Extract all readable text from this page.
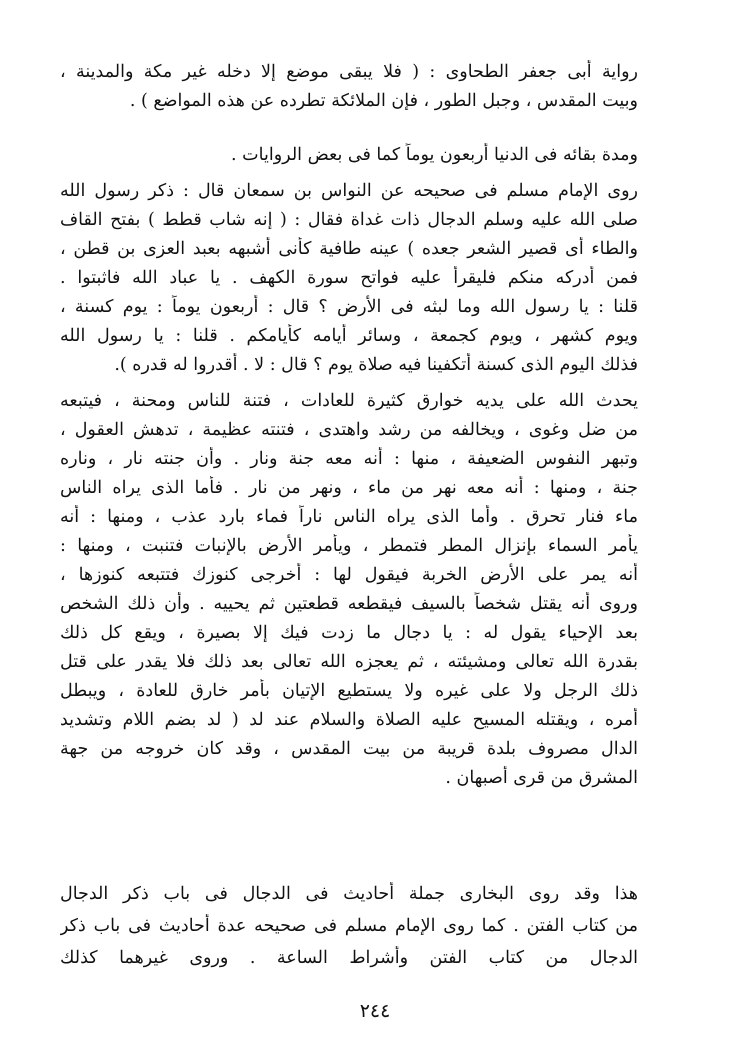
رواية أبى جعفر الطحاوى : ( فلا يبقى موضع إلا دخله غير مكة والمدينة ،
وبيت المقدس ، وجبل الطور ، فإن الملائكة تطرده عن هذه المواضع ) .
ومدة بقائه فى الدنيا أربعون يوماً كما فى بعض الروايات .
روى الإمام مسلم فى صحيحه عن النواس بن سمعان قال : ذكر رسول الله
صلى الله عليه وسلم الدجال ذات غداة فقال : ( إنه شاب قطط ) بفتح القاف
والطاء أى قصير الشعر جعده ) عينه طافية كأنى أشبهه بعبد العزى بن قطن ،
فمن أدركه منكم فليقرأ عليه فواتح سورة الكهف . يا عباد الله فاثبتوا .
قلنا : يا رسول الله وما لبثه فى الأرض ؟ قال : أربعون يوماً : يوم كسنة ،
ويوم كشهر ، ويوم كجمعة ، وسائر أيامه كأيامكم . قلنا : يا رسول الله
فذلك اليوم الذى كسنة أتكفينا فيه صلاة يوم ؟ قال : لا . أقدروا له قدره ).
يحدث الله على يديه خوارق كثيرة للعادات ، فتنة للناس ومحنة ، فيتبعه
من ضل وغوى ، ويخالفه من رشد واهتدى ، فتنته عظيمة ، تدهش العقول ،
وتبهر النفوس الضعيفة ، منها : أنه معه جنة ونار . وأن جنته نار ، وناره
جنة ، ومنها : أنه معه نهر من ماء ، ونهر من نار . فأما الذى يراه الناس
ماء فنار تحرق . وأما الذى يراه الناس ناراً فماء بارد عذب ، ومنها : أنه
يأمر السماء بإنزال المطر فتمطر ، ويأمر الأرض بالإنبات فتنبت ، ومنها :
أنه يمر على الأرض الخربة فيقول لها : أخرجى كنوزك فتتبعه كنوزها ،
وروى أنه يقتل شخصاً بالسيف فيقطعه قطعتين ثم يحييه . وأن ذلك الشخص
بعد الإحياء يقول له : يا دجال ما زدت فيك إلا بصيرة ، ويقع كل ذلك
بقدرة الله تعالى ومشيئته ، ثم يعجزه الله تعالى بعد ذلك فلا يقدر على قتل
ذلك الرجل ولا على غيره ولا يستطيع الإتيان بأمر خارق للعادة ، ويبطل
أمره ، ويقتله المسيح عليه الصلاة والسلام عند لد ( لد بضم اللام وتشديد
الدال مصروف بلدة قريبة من بيت المقدس ، وقد كان خروجه من جهة
المشرق من قرى أصبهان .
هذا وقد روى البخارى جملة أحاديث فى الدجال فى باب ذكر الدجال
من كتاب الفتن . كما روى الإمام مسلم فى صحيحه عدة أحاديث فى باب ذكر
الدجال من كتاب الفتن وأشراط الساعة . وروى غيرهما كذلك
٢٤٤
